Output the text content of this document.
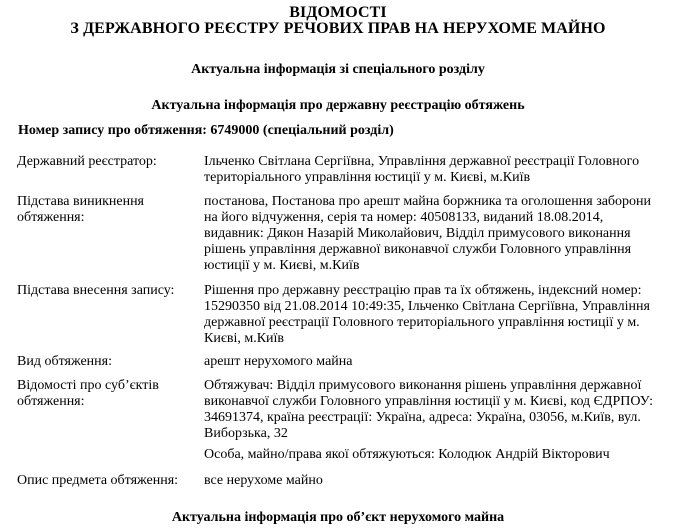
ВІДОМОСТІ
З ДЕРЖАВНОГО РЕЄСТРУ РЕЧОВИХ ПРАВ НА НЕРУХОМЕ МАЙНО
Актуальна інформація зі спеціального розділу
Актуальна інформація про державну реєстрацію обтяжень
Номер запису про обтяження: 6749000 (спеціальний розділ)
Державний реєстратор:	Ільченко Світлана Сергіївна, Управління державної реєстрації Головного територіального управління юстиції у м. Києві, м.Київ
Підстава виникнення обтяження:
постанова, Постанова про арешт майна боржника та оголошення заборони на його відчуження, серія та номер: 40508133, виданий 18.08.2014, видавник: Дякон Назарій Миколайович, Відділ примусового виконання рішень управління державної виконавчої служби Головного управління юстиції у м. Києві, м.Київ
Підстава внесення запису:	Рішення про державну реєстрацію прав та їх обтяжень, індексний номер: 15290350 від 21.08.2014 10:49:35, Ільченко Світлана Сергіївна, Управління державної реєстрації Головного територіального управління юстиції у м. Києві, м.Київ
Вид обтяження:	арешт нерухомого майна
Відомості про суб’єктів обтяження:
Обтяжувач: Відділ примусового виконання рішень управління державної виконавчої служби Головного управління юстиції у м. Києві, код ЄДРПОУ: 34691374, країна реєстрації: Україна, адреса: Україна, 03056, м.Київ, вул. Виборзька, 32
Особа, майно/права якої обтяжуються: Колодюк Андрій Вікторович
Опис предмета обтяження:	все нерухоме майно
Актуальна інформація про об’єкт нерухомого майна
